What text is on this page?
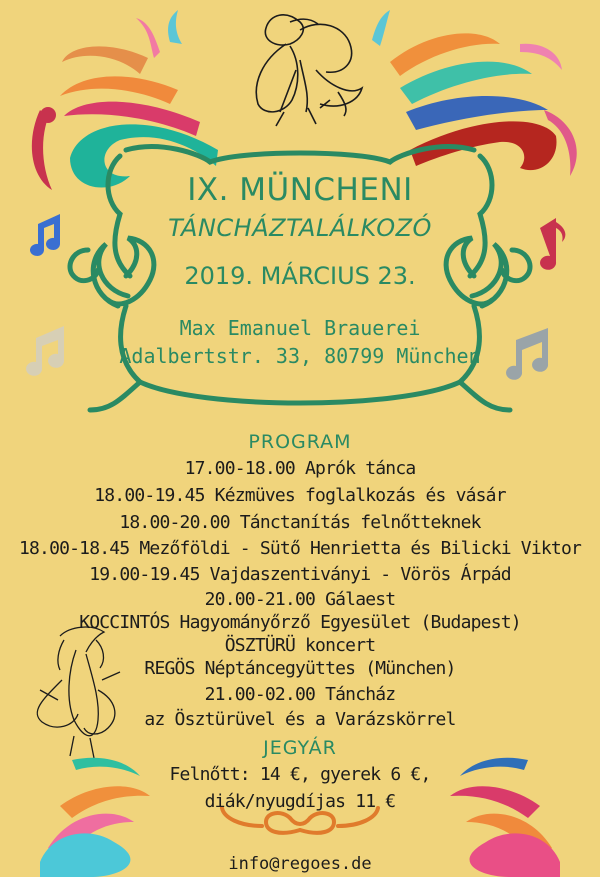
IX. MÜNCHENI
TÁNCHÁZTALÁLKOZÓ
2019. MÁRCIUS 23.
Max Emanuel Brauerei
Adalbertstr. 33, 80799 München
PROGRAM
17.00-18.00 Aprók tánca
18.00-19.45 Kézmüves foglalkozás és vásár
18.00-20.00 Tánctanítás felnőtteknek
18.00-18.45 Mezőföldi - Sütő Henrietta és Bilicki Viktor
19.00-19.45 Vajdaszentiványi - Vörös Árpád
20.00-21.00 Gálaest
KOCCINTÓS Hagyományőrző Egyesület (Budapest)
ÖSZTÜRÜ koncert
REGÖS Néptáncegyüttes (München)
21.00-02.00 Táncház
az Ösztürüvel és a Varázskörrel
JEGYÁR
Felnőtt: 14 €, gyerek 6 €,
diák/nyugdíjas 11 €
info@regoes.de
